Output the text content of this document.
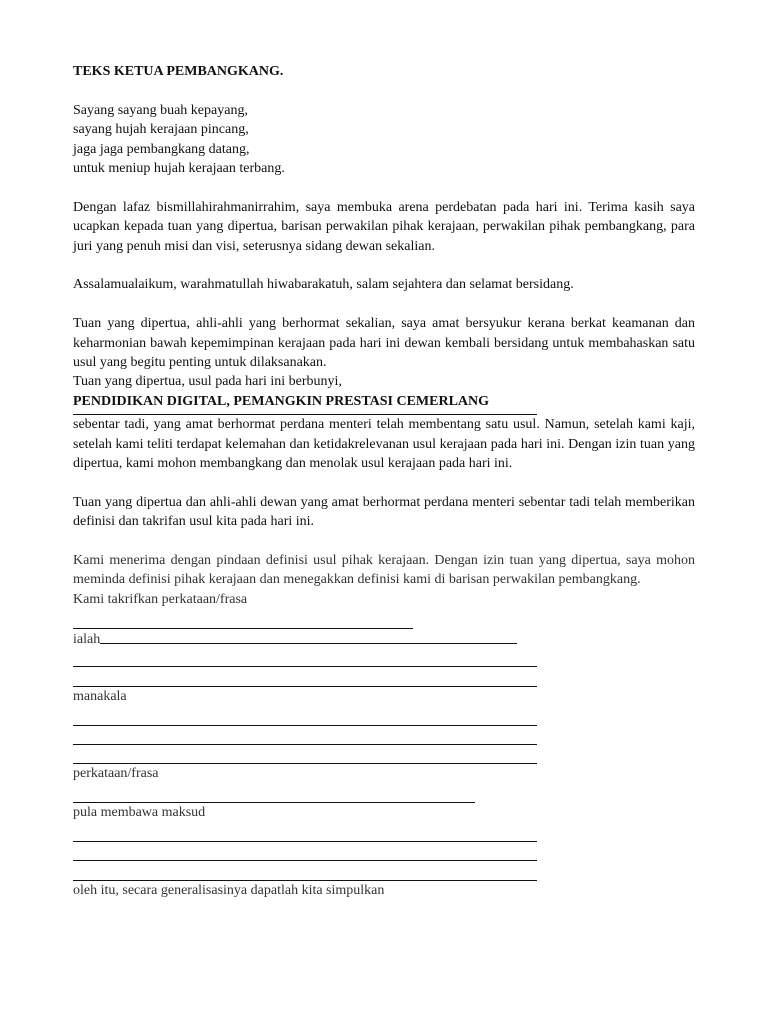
TEKS KETUA PEMBANGKANG.
Sayang sayang buah kepayang,
sayang hujah kerajaan pincang,
jaga jaga pembangkang datang,
untuk meniup hujah kerajaan terbang.
Dengan lafaz bismillahirahmanirrahim, saya membuka arena perdebatan pada hari ini. Terima kasih saya ucapkan kepada tuan yang dipertua, barisan perwakilan pihak kerajaan, perwakilan pihak pembangkang, para juri yang penuh misi dan visi, seterusnya sidang dewan sekalian.
Assalamualaikum, warahmatullah hiwabarakatuh, salam sejahtera dan selamat bersidang.
Tuan yang dipertua, ahli-ahli yang berhormat sekalian, saya amat bersyukur kerana berkat keamanan dan keharmonian bawah kepemimpinan kerajaan pada hari ini dewan kembali bersidang untuk membahaskan satu usul yang begitu penting untuk dilaksanakan.
Tuan yang dipertua, usul pada hari ini berbunyi,
PENDIDIKAN DIGITAL, PEMANGKIN PRESTASI CEMERLANG
sebentar tadi, yang amat berhormat perdana menteri telah membentang satu usul. Namun, setelah kami kaji, setelah kami teliti terdapat kelemahan dan ketidakrelevanan usul kerajaan pada hari ini. Dengan izin tuan yang dipertua, kami mohon membangkang dan menolak usul kerajaan pada hari ini.
Tuan yang dipertua dan ahli-ahli dewan yang amat berhormat perdana menteri sebentar tadi telah memberikan definisi dan takrifan usul kita pada hari ini.
Kami menerima dengan pindaan definisi usul pihak kerajaan. Dengan izin tuan yang dipertua, saya mohon meminda definisi pihak kerajaan dan menegakkan definisi kami di barisan perwakilan pembangkang.
Kami takrifkan perkataan/frasa
ialah
manakala
perkataan/frasa
pula membawa maksud
oleh itu, secara generalisasinya dapatlah kita simpulkan
